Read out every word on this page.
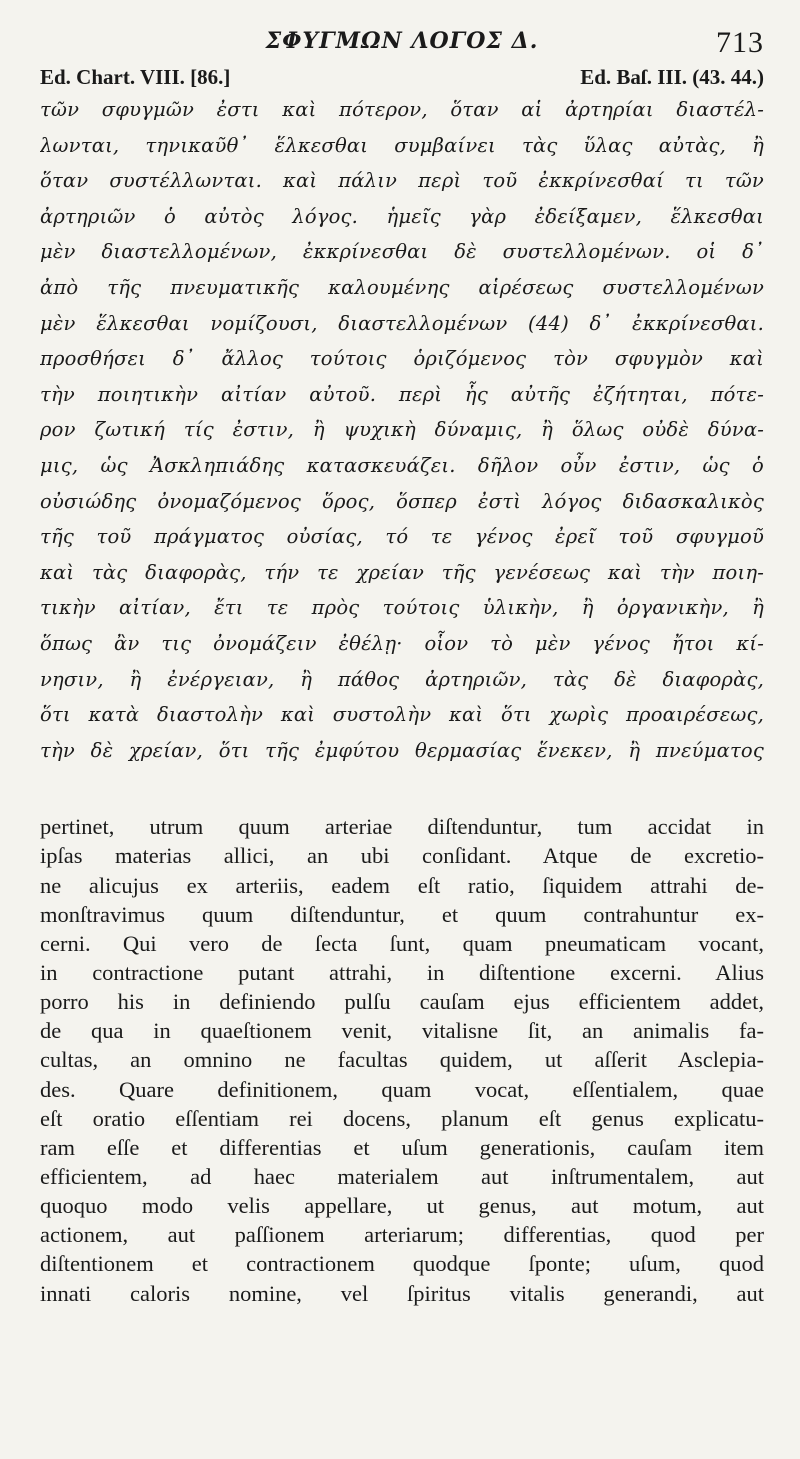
ΣΦΥΓΜΩΝ ΛΟΓΟΣ Δ.	713
Ed. Chart. VIII. [86.]	Ed. Baſ. III. (43. 44.)
τῶν σφυγμῶν ἐστι καὶ πότερον, ὅταν αἱ ἀρτηρίαι διαστέλ-
λωνται, τηνικαῦθ᾽ ἕλκεσθαι συμβαίνει τὰς ὕλας αὐτὰς, ἢ
ὅταν συστέλλωνται. καὶ πάλιν περὶ τοῦ ἐκκρίνεσθαί τι τῶν
ἀρτηριῶν ὁ αὐτὸς λόγος. ἡμεῖς γὰρ ἐδείξαμεν, ἕλκεσθαι
μὲν διαστελλομένων, ἐκκρίνεσθαι δὲ συστελλομένων. οἱ δ᾽
ἀπὸ τῆς πνευματικῆς καλουμένης αἱρέσεως συστελλομένων
μὲν ἕλκεσθαι νομίζουσι, διαστελλομένων (44) δ᾽ ἐκκρίνεσθαι.
προσθήσει δ᾽ ἄλλος τούτοις ὁριζόμενος τὸν σφυγμὸν καὶ
τὴν ποιητικὴν αἰτίαν αὐτοῦ. περὶ ἧς αὐτῆς ἐζήτηται, πότε-
ρον ζωτική τίς ἐστιν, ἢ ψυχικὴ δύναμις, ἢ ὅλως οὐδὲ δύνα-
μις, ὡς Ἀσκληπιάδης κατασκευάζει. δῆλον οὖν ἐστιν, ὡς ὁ
οὐσιώδης ὀνομαζόμενος ὅρος, ὅσπερ ἐστὶ λόγος διδασκαλικὸς
τῆς τοῦ πράγματος οὐσίας, τό τε γένος ἐρεῖ τοῦ σφυγμοῦ
καὶ τὰς διαφορὰς, τήν τε χρείαν τῆς γενέσεως καὶ τὴν ποιη-
τικὴν αἰτίαν, ἔτι τε πρὸς τούτοις ὑλικὴν, ἢ ὀργανικὴν, ἢ
ὅπως ἂν τις ὀνομάζειν ἐθέλῃ· οἷον τὸ μὲν γένος ἤτοι κί-
νησιν, ἢ ἐνέργειαν, ἢ πάθος ἀρτηριῶν, τὰς δὲ διαφορὰς,
ὅτι κατὰ διαστολὴν καὶ συστολὴν καὶ ὅτι χωρὶς προαιρέσεως,
τὴν δὲ χρείαν, ὅτι τῆς ἐμφύτου θερμασίας ἕνεκεν, ἢ πνεύματος
pertinet, utrum quum arteriae diſtenduntur, tum accidat in
ipſas materias allici, an ubi conſidant. Atque de excretio-
ne alicujus ex arteriis, eadem eſt ratio, ſiquidem attrahi de-
monſtravimus quum diſtenduntur, et quum contrahuntur ex-
cerni. Qui vero de ſecta ſunt, quam pneumaticam vocant,
in contractione putant attrahi, in diſtentione excerni. Alius
porro his in definiendo pulſu cauſam ejus efficientem addet,
de qua in quaeſtionem venit, vitalisne ſit, an animalis fa-
cultas, an omnino ne facultas quidem, ut aſſerit Asclepia-
des. Quare definitionem, quam vocat, eſſentialem, quae
eſt oratio eſſentiam rei docens, planum eſt genus explicatu-
ram eſſe et differentias et uſum generationis, cauſam item
efficientem, ad haec materialem aut inſtrumentalem, aut
quoquo modo velis appellare, ut genus, aut motum, aut
actionem, aut paſſionem arteriarum; differentias, quod per
diſtentionem et contractionem quodque ſponte; uſum, quod
innati caloris nomine, vel ſpiritus vitalis generandi, aut
